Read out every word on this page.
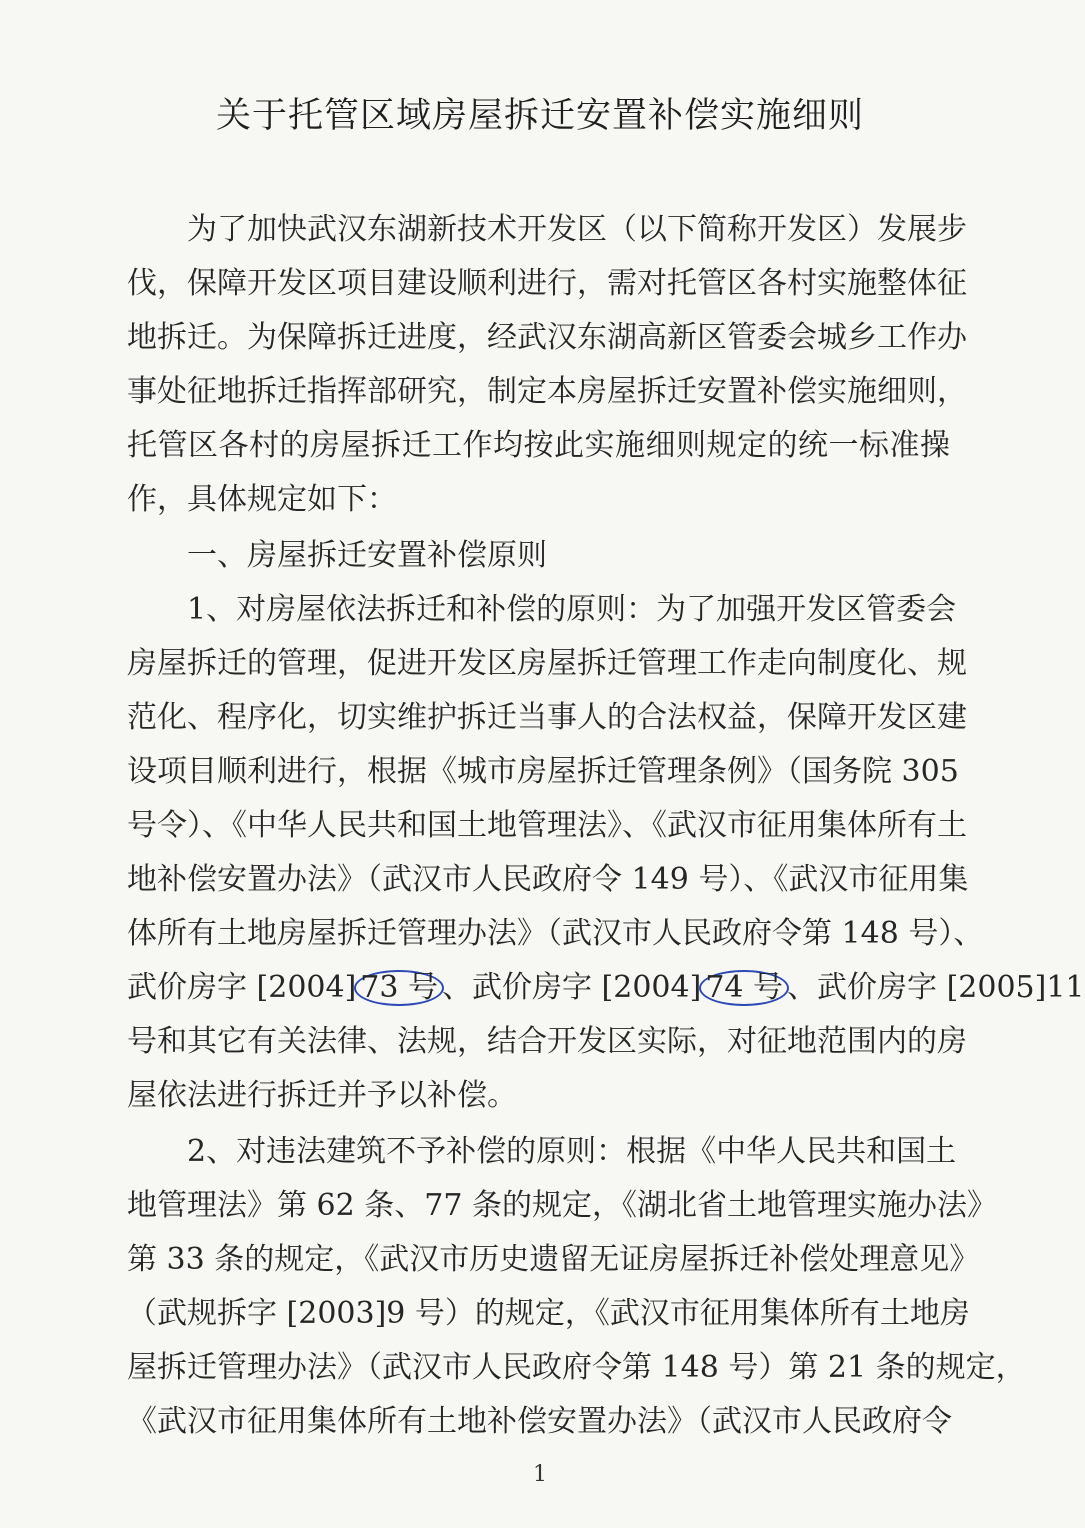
关于托管区域房屋拆迁安置补偿实施细则
为了加快武汉东湖新技术开发区（以下简称开发区）发展步
伐，保障开发区项目建设顺利进行，需对托管区各村实施整体征
地拆迁。为保障拆迁进度，经武汉东湖高新区管委会城乡工作办
事处征地拆迁指挥部研究，制定本房屋拆迁安置补偿实施细则，
托管区各村的房屋拆迁工作均按此实施细则规定的统一标准操
作，具体规定如下：
一、房屋拆迁安置补偿原则
1、对房屋依法拆迁和补偿的原则：为了加强开发区管委会
房屋拆迁的管理，促进开发区房屋拆迁管理工作走向制度化、规
范化、程序化，切实维护拆迁当事人的合法权益，保障开发区建
设项目顺利进行，根据《城市房屋拆迁管理条例》（国务院 305
号令）、《中华人民共和国土地管理法》、《武汉市征用集体所有土
地补偿安置办法》（武汉市人民政府令 149 号）、《武汉市征用集
体所有土地房屋拆迁管理办法》（武汉市人民政府令第 148 号）、
武价房字 [2004] 73 号 、武价房字 [2004] 74 号 、武价房字 [2005]11
号和其它有关法律、法规，结合开发区实际，对征地范围内的房
屋依法进行拆迁并予以补偿。
2、对违法建筑不予补偿的原则：根据《中华人民共和国土
地管理法》第 62 条、77 条的规定，《湖北省土地管理实施办法》
第 33 条的规定，《武汉市历史遗留无证房屋拆迁补偿处理意见》
（武规拆字 [2003]9 号）的规定，《武汉市征用集体所有土地房
屋拆迁管理办法》（武汉市人民政府令第 148 号）第 21 条的规定，
《武汉市征用集体所有土地补偿安置办法》（武汉市人民政府令
1
